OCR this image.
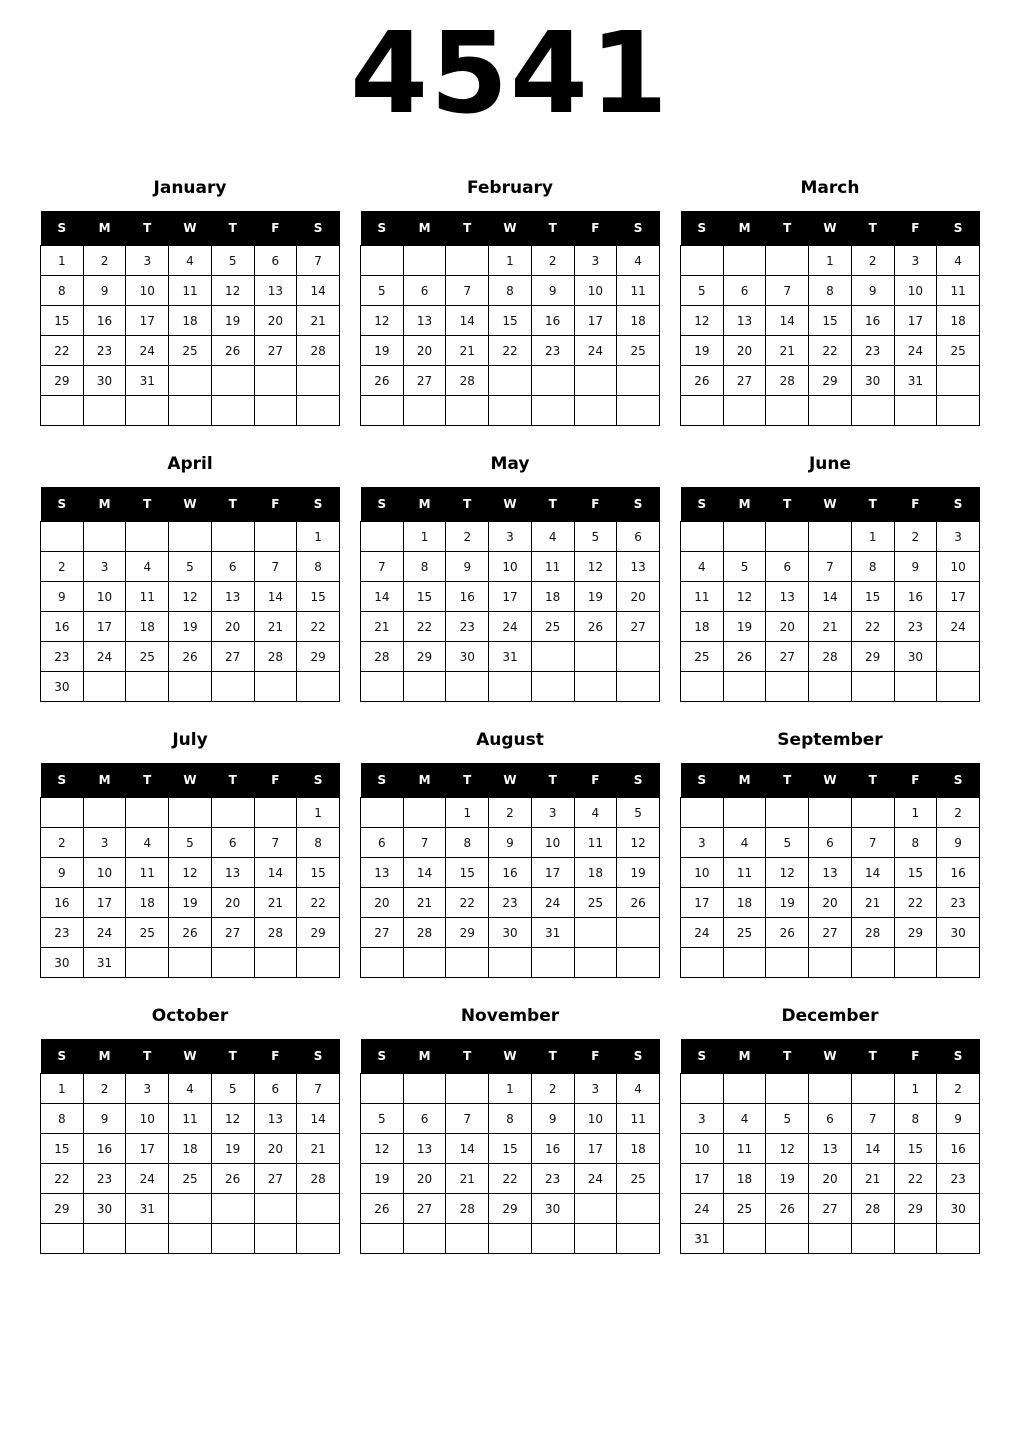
4541
January
S	M	T	W	T	F	S
1	2	3	4	5	6	7
8	9	10	11	12	13	14
15	16	17	18	19	20	21
22	23	24	25	26	27	28
29	30	31				

February
S	M	T	W	T	F	S
			1	2	3	4
5	6	7	8	9	10	11
12	13	14	15	16	17	18
19	20	21	22	23	24	25
26	27	28				

March
S	M	T	W	T	F	S
			1	2	3	4
5	6	7	8	9	10	11
12	13	14	15	16	17	18
19	20	21	22	23	24	25
26	27	28	29	30	31	

April
S	M	T	W	T	F	S
						1
2	3	4	5	6	7	8
9	10	11	12	13	14	15
16	17	18	19	20	21	22
23	24	25	26	27	28	29
30						
May
S	M	T	W	T	F	S
	1	2	3	4	5	6
7	8	9	10	11	12	13
14	15	16	17	18	19	20
21	22	23	24	25	26	27
28	29	30	31			

June
S	M	T	W	T	F	S
				1	2	3
4	5	6	7	8	9	10
11	12	13	14	15	16	17
18	19	20	21	22	23	24
25	26	27	28	29	30	

July
S	M	T	W	T	F	S
						1
2	3	4	5	6	7	8
9	10	11	12	13	14	15
16	17	18	19	20	21	22
23	24	25	26	27	28	29
30	31					
August
S	M	T	W	T	F	S
		1	2	3	4	5
6	7	8	9	10	11	12
13	14	15	16	17	18	19
20	21	22	23	24	25	26
27	28	29	30	31		

September
S	M	T	W	T	F	S
					1	2
3	4	5	6	7	8	9
10	11	12	13	14	15	16
17	18	19	20	21	22	23
24	25	26	27	28	29	30

October
S	M	T	W	T	F	S
1	2	3	4	5	6	7
8	9	10	11	12	13	14
15	16	17	18	19	20	21
22	23	24	25	26	27	28
29	30	31				

November
S	M	T	W	T	F	S
			1	2	3	4
5	6	7	8	9	10	11
12	13	14	15	16	17	18
19	20	21	22	23	24	25
26	27	28	29	30		

December
S	M	T	W	T	F	S
					1	2
3	4	5	6	7	8	9
10	11	12	13	14	15	16
17	18	19	20	21	22	23
24	25	26	27	28	29	30
31						
